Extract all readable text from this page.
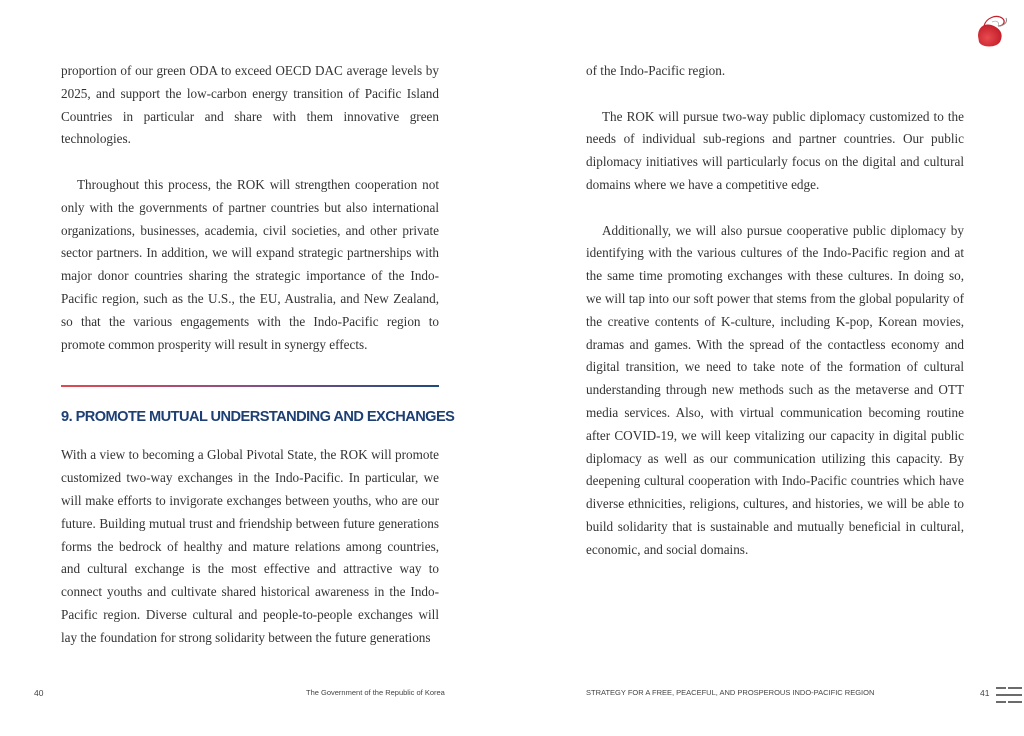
proportion of our green ODA to exceed OECD DAC average levels by 2025, and support the low-carbon energy transition of Pacific Island Countries in particular and share with them innovative green technologies.

Throughout this process, the ROK will strengthen cooperation not only with the governments of partner countries but also international organizations, businesses, academia, civil societies, and other private sector partners. In addition, we will expand strategic partnerships with major donor countries sharing the strategic importance of the Indo-Pacific region, such as the U.S., the EU, Australia, and New Zealand, so that the various engagements with the Indo-Pacific region to promote common prosperity will result in synergy effects.

9. PROMOTE MUTUAL UNDERSTANDING AND EXCHANGES

With a view to becoming a Global Pivotal State, the ROK will promote customized two-way exchanges in the Indo-Pacific. In particular, we will make efforts to invigorate exchanges between youths, who are our future. Building mutual trust and friendship between future generations forms the bedrock of healthy and mature relations among countries, and cultural exchange is the most effective and attractive way to connect youths and cultivate shared historical awareness in the Indo-Pacific region. Diverse cultural and people-to-people exchanges will lay the foundation for strong solidarity between the future generations

of the Indo-Pacific region.

The ROK will pursue two-way public diplomacy customized to the needs of individual sub-regions and partner countries. Our public diplomacy initiatives will particularly focus on the digital and cultural domains where we have a competitive edge.

Additionally, we will also pursue cooperative public diplomacy by identifying with the various cultures of the Indo-Pacific region and at the same time promoting exchanges with these cultures. In doing so, we will tap into our soft power that stems from the global popularity of the creative contents of K-culture, including K-pop, Korean movies, dramas and games. With the spread of the contactless economy and digital transition, we need to take note of the formation of cultural understanding through new methods such as the metaverse and OTT media services. Also, with virtual communication becoming routine after COVID-19, we will keep vitalizing our capacity in digital public diplomacy as well as our communication utilizing this capacity. By deepening cultural cooperation with Indo-Pacific countries which have diverse ethnicities, religions, cultures, and histories, we will be able to build solidarity that is sustainable and mutually beneficial in cultural, economic, and social domains.

40	The Government of the Republic of Korea	STRATEGY FOR A FREE, PEACEFUL, AND PROSPEROUS INDO-PACIFIC REGION	41
